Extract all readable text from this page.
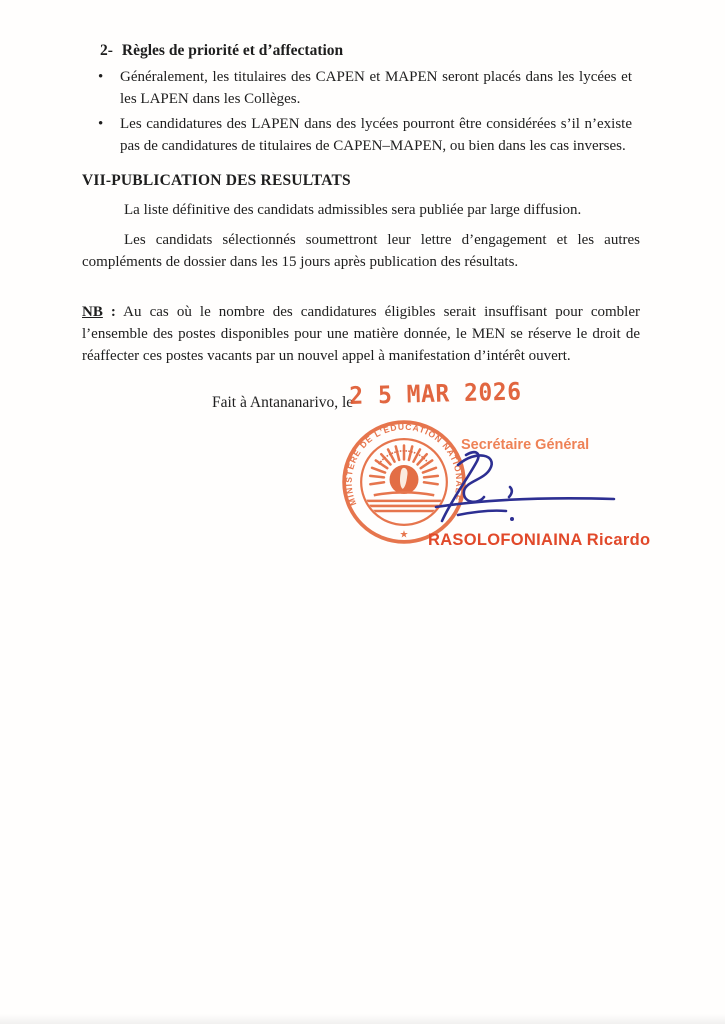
2- Règles de priorité et d’affectation
•	Généralement, les titulaires des CAPEN et MAPEN seront placés dans les lycées et les LAPEN dans les Collèges.
•	Les candidatures des LAPEN dans des lycées pourront être considérées s’il n’existe pas de candidatures de titulaires de CAPEN–MAPEN, ou bien dans les cas inverses.
VII-PUBLICATION DES RESULTATS
La liste définitive des candidats admissibles sera publiée par large diffusion.
Les candidats sélectionnés soumettront leur lettre d’engagement et les autres compléments de dossier dans les 15 jours après publication des résultats.
NB : Au cas où le nombre des candidatures éligibles serait insuffisant pour combler l’ensemble des postes disponibles pour une matière donnée, le MEN se réserve le droit de réaffecter ces postes vacants par un nouvel appel à manifestation d’intérêt ouvert.
Fait à Antananarivo, le
2 5 MAR 2026
MINISTERE DE L’EDUCATION NATIONALE
★
Secrétaire Général
RASOLOFONIAINA Ricardo
